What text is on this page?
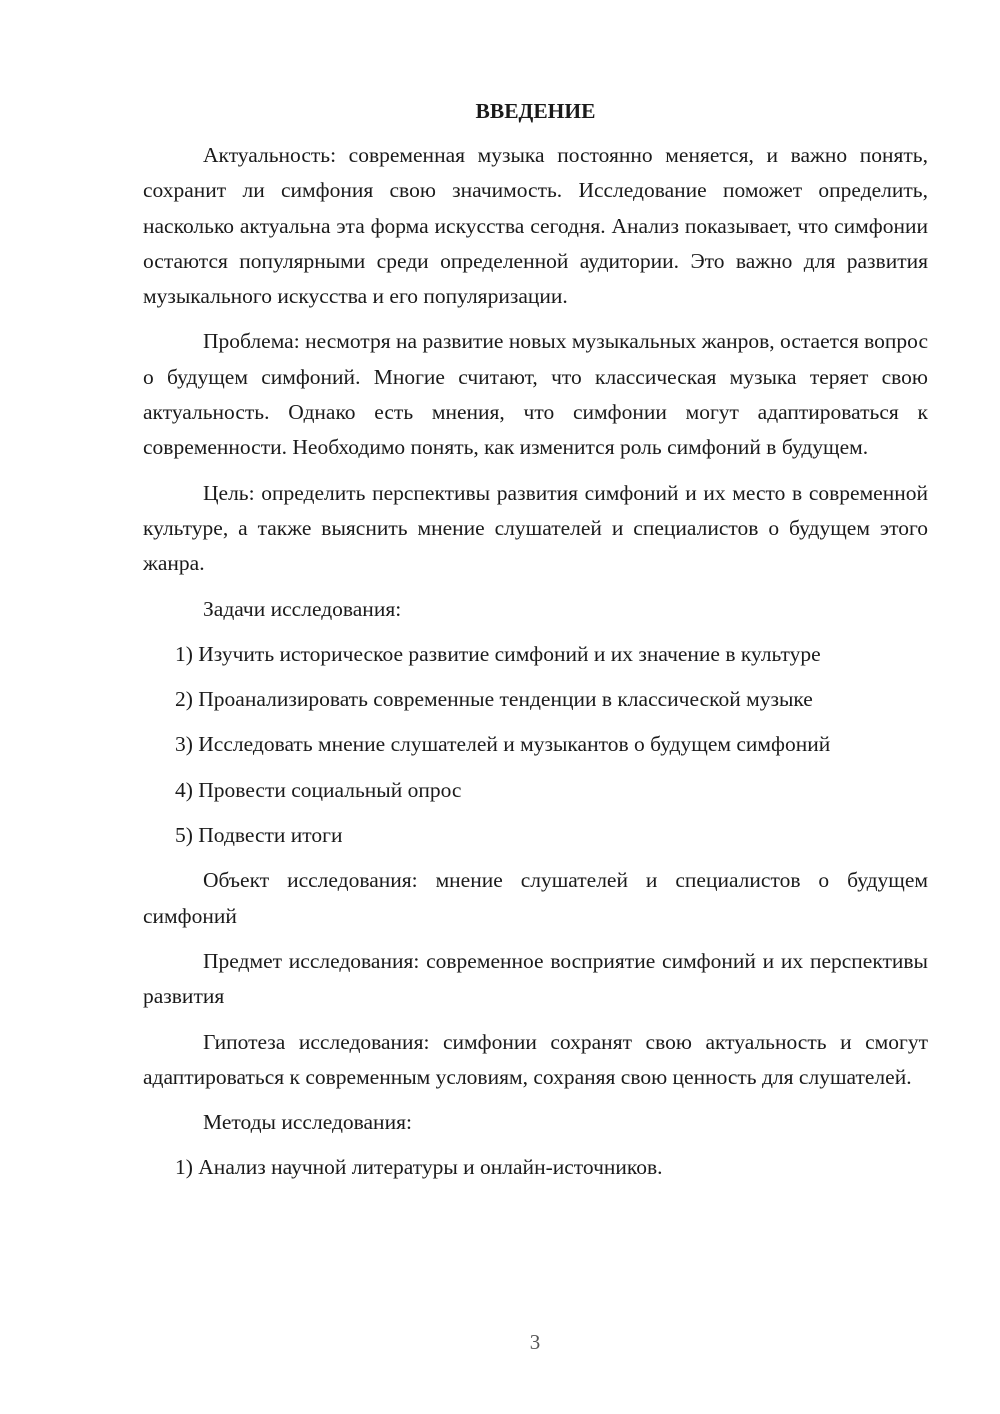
ВВЕДЕНИЕ

Актуальность: современная музыка постоянно меняется, и важно понять, сохранит ли симфония свою значимость. Исследование поможет определить, насколько актуальна эта форма искусства сегодня. Анализ показывает, что симфонии остаются популярными среди определенной аудитории. Это важно для развития музыкального искусства и его популяризации.

Проблема: несмотря на развитие новых музыкальных жанров, остается вопрос о будущем симфоний. Многие считают, что классическая музыка теряет свою актуальность. Однако есть мнения, что симфонии могут адаптироваться к современности. Необходимо понять, как изменится роль симфоний в будущем.

Цель: определить перспективы развития симфоний и их место в современной культуре, а также выяснить мнение слушателей и специалистов о будущем этого жанра.

Задачи исследования:

1) Изучить историческое развитие симфоний и их значение в культуре
2) Проанализировать современные тенденции в классической музыке
3) Исследовать мнение слушателей и музыкантов о будущем симфоний
4) Провести социальный опрос
5) Подвести итоги

Объект исследования: мнение слушателей и специалистов о будущем симфоний

Предмет исследования: современное восприятие симфоний и их перспективы развития

Гипотеза исследования: симфонии сохранят свою актуальность и смогут адаптироваться к современным условиям, сохраняя свою ценность для слушателей.

Методы исследования:

1) Анализ научной литературы и онлайн-источников.
3
